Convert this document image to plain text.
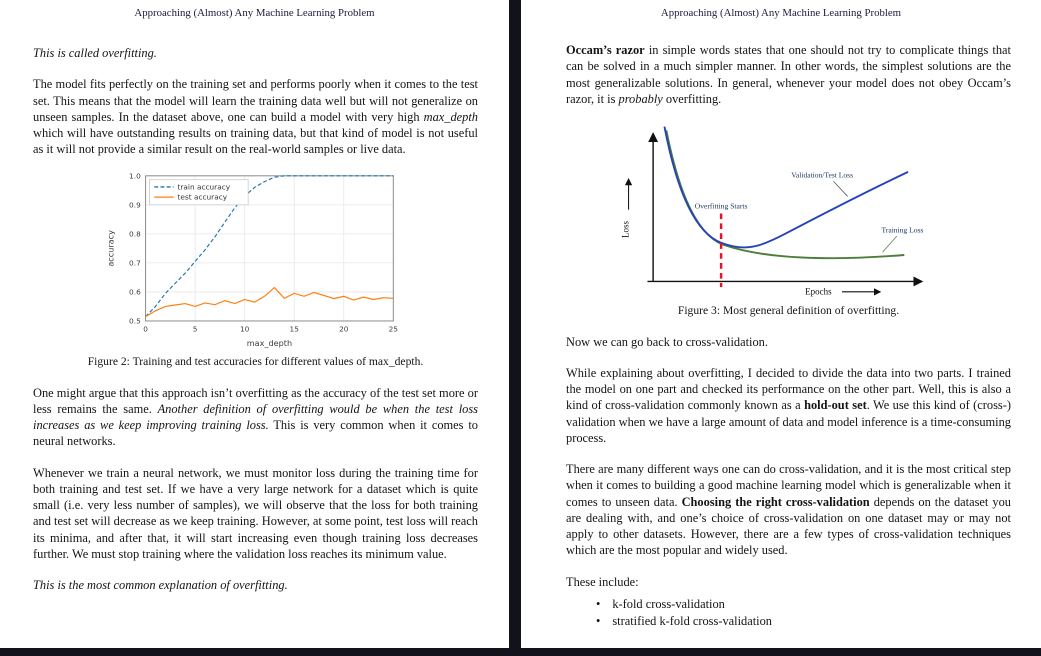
Approaching (Almost) Any Machine Learning Problem

This is called overfitting.

The model fits perfectly on the training set and performs poorly when it comes to the test set. This means that the model will learn the training data well but will not generalize on unseen samples. In the dataset above, one can build a model with very high max_depth which will have outstanding results on training data, but that kind of model is not useful as it will not provide a similar result on the real-world samples or live data.

0.5
0.6
0.7
0.8
0.9
1.0
0	5	10	15	20	25
train accuracy
test accuracy
accuracy
max_depth
Figure 2: Training and test accuracies for different values of max_depth.

One might argue that this approach isn’t overfitting as the accuracy of the test set more or less remains the same. Another definition of overfitting would be when the test loss increases as we keep improving training loss. This is very common when it comes to neural networks.

Whenever we train a neural network, we must monitor loss during the training time for both training and test set. If we have a very large network for a dataset which is quite small (i.e. very less number of samples), we will observe that the loss for both training and test set will decrease as we keep training. However, at some point, test loss will reach its minima, and after that, it will start increasing even though training loss decreases further. We must stop training where the validation loss reaches its minimum value.

This is the most common explanation of overfitting.

Approaching (Almost) Any Machine Learning Problem

Occam’s razor in simple words states that one should not try to complicate things that can be solved in a much simpler manner. In other words, the simplest solutions are the most generalizable solutions. In general, whenever your model does not obey Occam’s razor, it is probably overfitting.

Loss
Epochs
Overfitting Starts
Validation/Test Loss
Training Loss
Figure 3: Most general definition of overfitting.

Now we can go back to cross-validation.

While explaining about overfitting, I decided to divide the data into two parts. I trained the model on one part and checked its performance on the other part. Well, this is also a kind of cross-validation commonly known as a hold-out set. We use this kind of (cross-) validation when we have a large amount of data and model inference is a time-consuming process.

There are many different ways one can do cross-validation, and it is the most critical step when it comes to building a good machine learning model which is generalizable when it comes to unseen data. Choosing the right cross-validation depends on the dataset you are dealing with, and one’s choice of cross-validation on one dataset may or may not apply to other datasets. However, there are a few types of cross-validation techniques which are the most popular and widely used.

These include:

• k-fold cross-validation
• stratified k-fold cross-validation
